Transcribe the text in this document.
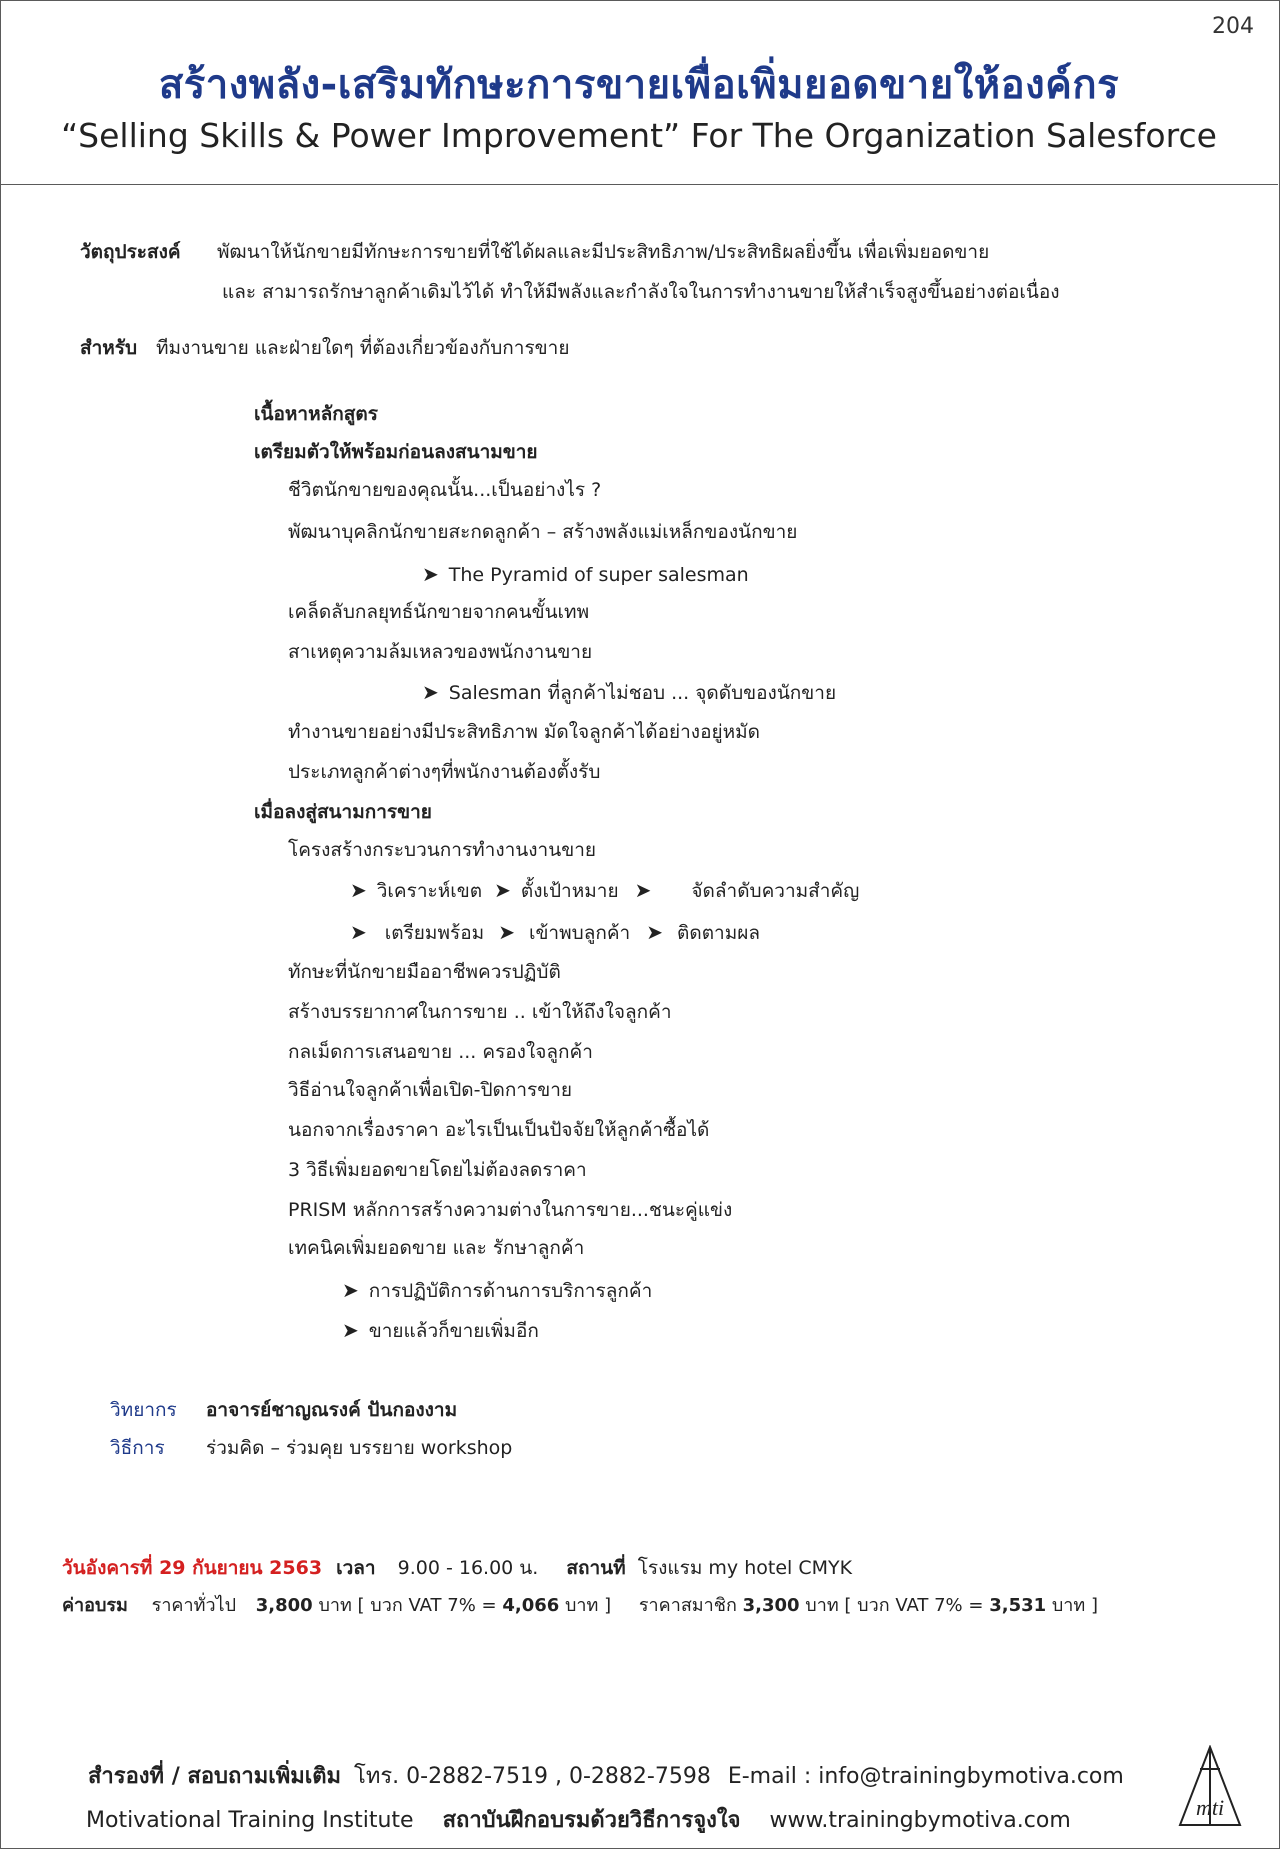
204
สร้างพลัง-เสริมทักษะการขายเพื่อเพิ่มยอดขายให้องค์กร
“Selling Skills & Power Improvement” For The Organization Salesforce
วัตถุประสงค์ พัฒนาให้นักขายมีทักษะการขายที่ใช้ได้ผลและมีประสิทธิภาพ/ประสิทธิผลยิ่งขึ้น เพื่อเพิ่มยอดขาย
และ สามารถรักษาลูกค้าเดิมไว้ได้ ทำให้มีพลังและกำลังใจในการทำงานขายให้สำเร็จสูงขึ้นอย่างต่อเนื่อง
สำหรับ ทีมงานขาย และฝ่ายใดๆ ที่ต้องเกี่ยวข้องกับการขาย
เนื้อหาหลักสูตร
เตรียมตัวให้พร้อมก่อนลงสนามขาย
ชีวิตนักขายของคุณนั้น...เป็นอย่างไร ?
พัฒนาบุคลิกนักขายสะกดลูกค้า – สร้างพลังแม่เหล็กของนักขาย
➤ The Pyramid of super salesman
เคล็ดลับกลยุทธ์นักขายจากคนขั้นเทพ
สาเหตุความล้มเหลวของพนักงานขาย
➤ Salesman ที่ลูกค้าไม่ชอบ ... จุดดับของนักขาย
ทำงานขายอย่างมีประสิทธิภาพ มัดใจลูกค้าได้อย่างอยู่หมัด
ประเภทลูกค้าต่างๆที่พนักงานต้องตั้งรับ
เมื่อลงสู่สนามการขาย
โครงสร้างกระบวนการทำงานงานขาย
➤ วิเคราะห์เขต ➤ ตั้งเป้าหมาย ➤ จัดลำดับความสำคัญ
➤ เตรียมพร้อม ➤ เข้าพบลูกค้า ➤ ติดตามผล
ทักษะที่นักขายมืออาชีพควรปฏิบัติ
สร้างบรรยากาศในการขาย .. เข้าให้ถึงใจลูกค้า
กลเม็ดการเสนอขาย ... ครองใจลูกค้า
วิธีอ่านใจลูกค้าเพื่อเปิด-ปิดการขาย
นอกจากเรื่องราคา อะไรเป็นเป็นปัจจัยให้ลูกค้าซื้อได้
3 วิธีเพิ่มยอดขายโดยไม่ต้องลดราคา
PRISM หลักการสร้างความต่างในการขาย...ชนะคู่แข่ง
เทคนิคเพิ่มยอดขาย และ รักษาลูกค้า
➤ การปฏิบัติการด้านการบริการลูกค้า
➤ ขายแล้วก็ขายเพิ่มอีก
วิทยากร อาจารย์ชาญณรงค์ ปันกองงาม
วิธีการ ร่วมคิด – ร่วมคุย บรรยาย workshop
วันอังคารที่ 29 กันยายน 2563 เวลา 9.00 - 16.00 น. สถานที่ โรงแรม my hotel CMYK
ค่าอบรม ราคาทั่วไป 3,800 บาท [ บวก VAT 7% = 4,066 บาท ] ราคาสมาชิก 3,300 บาท [ บวก VAT 7% = 3,531 บาท ]
สำรองที่ / สอบถามเพิ่มเติม โทร. 0-2882-7519 , 0-2882-7598 E-mail : info@trainingbymotiva.com
Motivational Training Institute สถาบันฝึกอบรมด้วยวิธีการจูงใจ www.trainingbymotiva.com
mti
